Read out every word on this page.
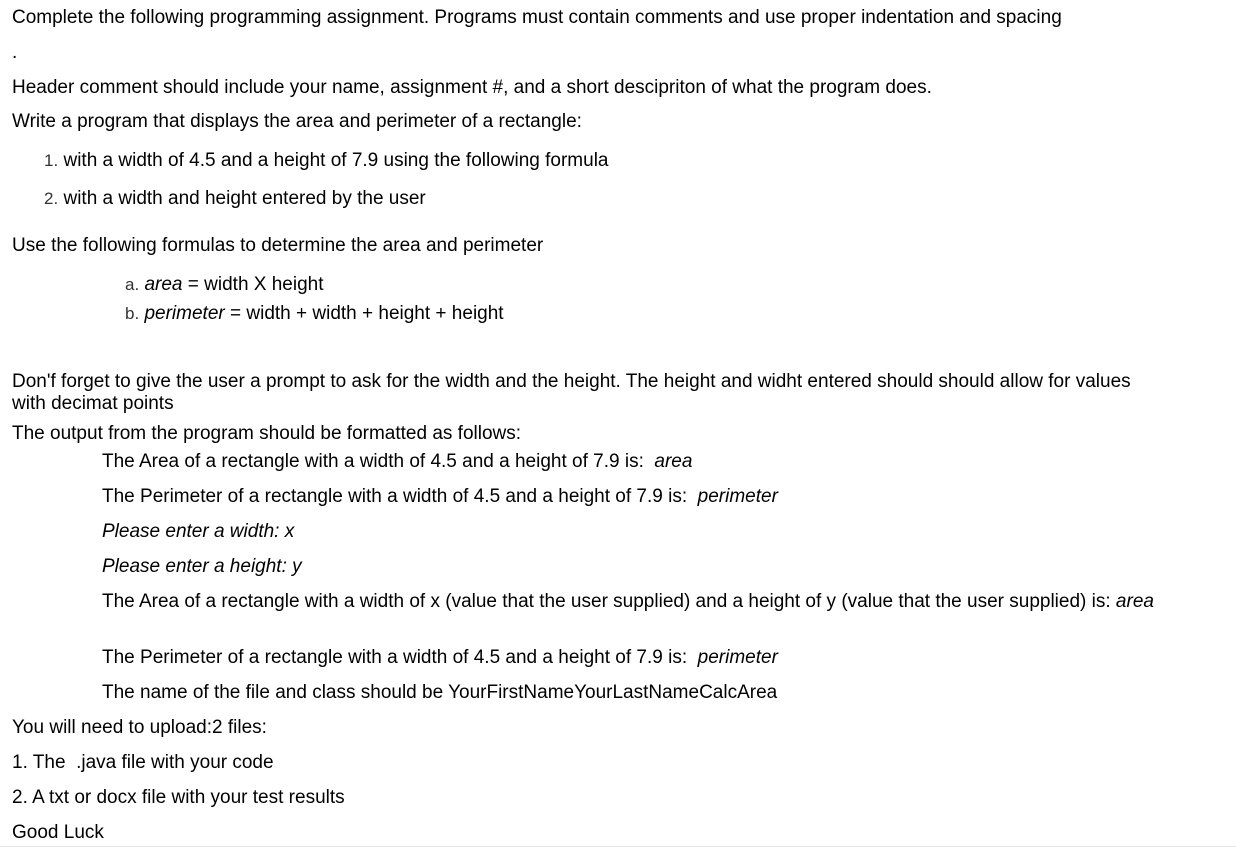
Complete the following programming assignment. Programs must contain comments and use proper indentation and spacing
.
Header comment should include your name, assignment #, and a short descipriton of what the program does.
Write a program that displays the area and perimeter of a rectangle:
1. with a width of 4.5 and a height of 7.9 using the following formula
2. with a width and height entered by the user
Use the following formulas to determine the area and perimeter
a. area = width X height
b. perimeter = width + width + height + height
Don'f forget to give the user a prompt to ask for the width and the height. The height and widht entered should should allow for values with decimat points
The output from the program should be formatted as follows:
The Area of a rectangle with a width of 4.5 and a height of 7.9 is:  area
The Perimeter of a rectangle with a width of 4.5 and a height of 7.9 is:  perimeter
Please enter a width: x
Please enter a height: y
The Area of a rectangle with a width of x (value that the user supplied) and a height of y (value that the user supplied) is: area
The Perimeter of a rectangle with a width of 4.5 and a height of 7.9 is:  perimeter
The name of the file and class should be YourFirstNameYourLastNameCalcArea
You will need to upload:2 files:
1. The  .java file with your code
2. A txt or docx file with your test results
Good Luck
